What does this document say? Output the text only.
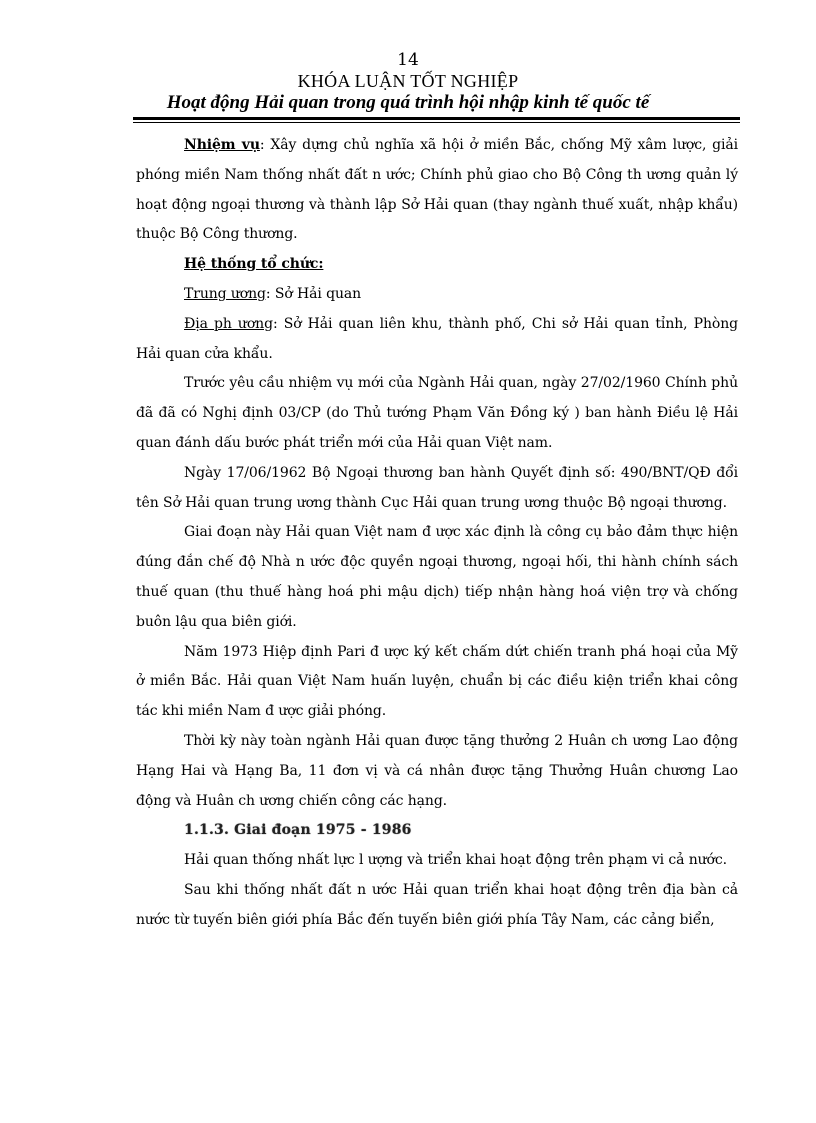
14
KHÓA LUẬN TỐT NGHIỆP
Hoạt động Hải quan trong quá trình hội nhập kinh tế quốc tế

Nhiệm vụ: Xây dựng chủ nghĩa xã hội ở miền Bắc, chống Mỹ xâm lược, giải phóng miền Nam thống nhất đất n ước; Chính phủ giao cho Bộ Công th ương quản lý hoạt động ngoại thương và thành lập Sở Hải quan (thay ngành thuế xuất, nhập khẩu) thuộc Bộ Công thương.

Hệ thống tổ chức:

Trung ương: Sở Hải quan

Địa ph ương: Sở Hải quan liên khu, thành phố, Chi sở Hải quan tỉnh, Phòng Hải quan cửa khẩu.

Trước yêu cầu nhiệm vụ mới của Ngành Hải quan, ngày 27/02/1960 Chính phủ đã đã có Nghị định 03/CP (do Thủ tướng Phạm Văn Đồng ký ) ban hành Điều lệ Hải quan đánh dấu bước phát triển mới của Hải quan Việt nam.

Ngày 17/06/1962 Bộ Ngoại thương ban hành Quyết định số: 490/BNT/QĐ đổi tên Sở Hải quan trung ương thành Cục Hải quan trung ương thuộc Bộ ngoại thương.

Giai đoạn này Hải quan Việt nam đ ược xác định là công cụ bảo đảm thực hiện đúng đắn chế độ Nhà n ước độc quyền ngoại thương, ngoại hối, thi hành chính sách thuế quan (thu thuế hàng hoá phi mậu dịch) tiếp nhận hàng hoá viện trợ và chống buôn lậu qua biên giới.

Năm 1973 Hiệp định Pari đ ược ký kết chấm dứt chiến tranh phá hoại của Mỹ ở miền Bắc. Hải quan Việt Nam huấn luyện, chuẩn bị các điều kiện triển khai công tác khi miền Nam đ ược giải phóng.

Thời kỳ này toàn ngành Hải quan được tặng thưởng 2 Huân ch ương Lao động Hạng Hai và Hạng Ba, 11 đơn vị và cá nhân được tặng Thưởng Huân chương Lao động và Huân ch ương chiến công các hạng.

1.1.3. Giai đoạn 1975 - 1986

Hải quan thống nhất lực l ượng và triển khai hoạt động trên phạm vi cả nước.

Sau khi thống nhất đất n ước Hải quan triển khai hoạt động trên địa bàn cả nước từ tuyến biên giới phía Bắc đến tuyến biên giới phía Tây Nam, các cảng biển,
